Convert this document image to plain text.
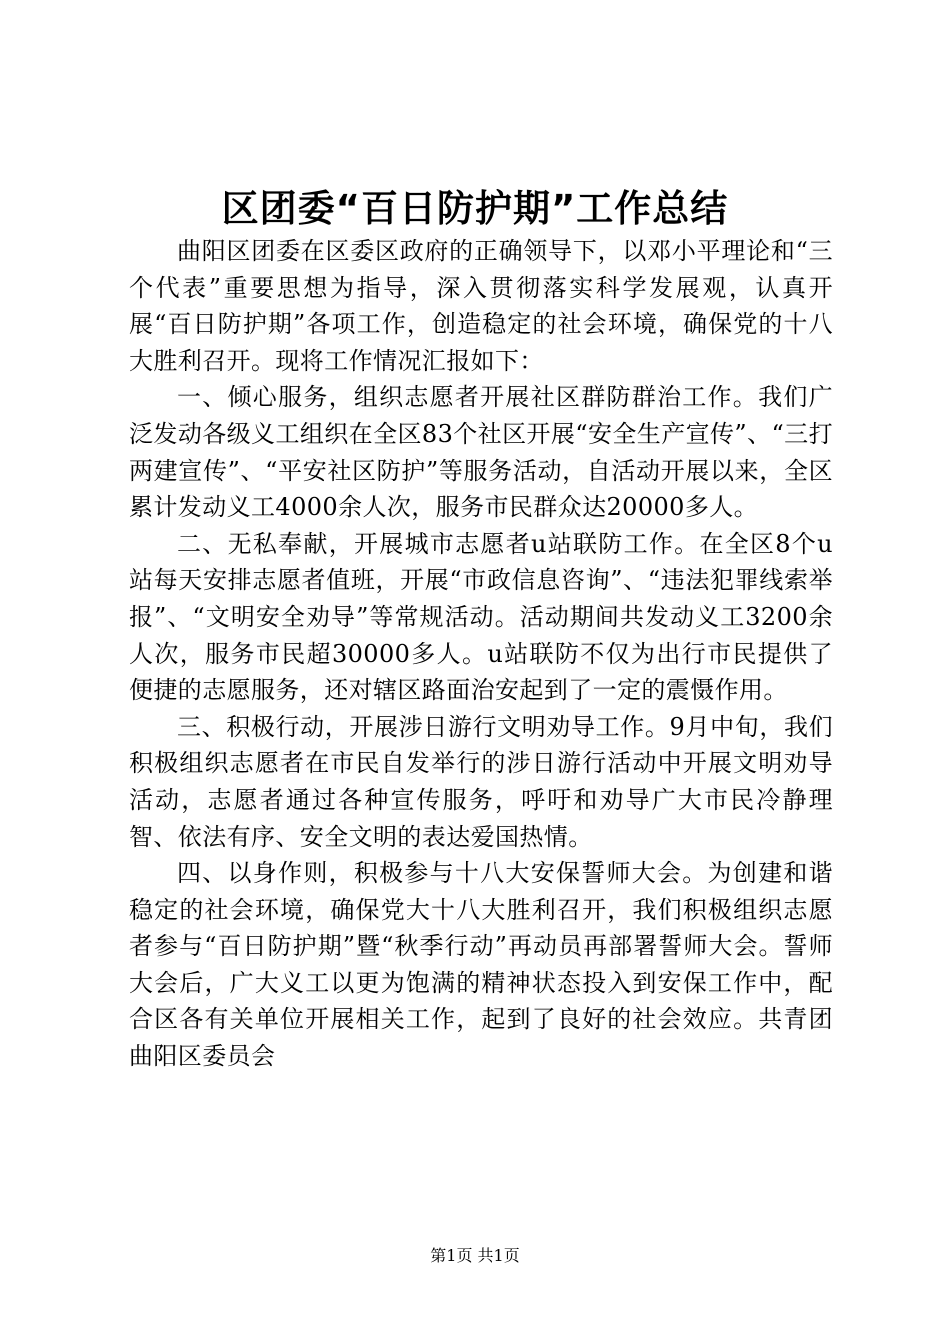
区团委“百日防护期”工作总结

曲阳区团委在区委区政府的正确领导下，以邓小平理论和“三个代表”重要思想为指导，深入贯彻落实科学发展观，认真开展“百日防护期”各项工作，创造稳定的社会环境，确保党的十八大胜利召开。现将工作情况汇报如下：

一、倾心服务，组织志愿者开展社区群防群治工作。我们广泛发动各级义工组织在全区83个社区开展“安全生产宣传”、“三打两建宣传”、“平安社区防护”等服务活动，自活动开展以来，全区累计发动义工4000余人次，服务市民群众达20000多人。

二、无私奉献，开展城市志愿者u站联防工作。在全区8个u站每天安排志愿者值班，开展“市政信息咨询”、“违法犯罪线索举报”、“文明安全劝导”等常规活动。活动期间共发动义工3200余人次，服务市民超30000多人。u站联防不仅为出行市民提供了便捷的志愿服务，还对辖区路面治安起到了一定的震慑作用。

三、积极行动，开展涉日游行文明劝导工作。9月中旬，我们积极组织志愿者在市民自发举行的涉日游行活动中开展文明劝导活动，志愿者通过各种宣传服务，呼吁和劝导广大市民冷静理智、依法有序、安全文明的表达爱国热情。

四、以身作则，积极参与十八大安保誓师大会。为创建和谐稳定的社会环境，确保党大十八大胜利召开，我们积极组织志愿者参与“百日防护期”暨“秋季行动”再动员再部署誓师大会。誓师大会后，广大义工以更为饱满的精神状态投入到安保工作中，配合区各有关单位开展相关工作，起到了良好的社会效应。共青团曲阳区委员会

第1页 共1页
